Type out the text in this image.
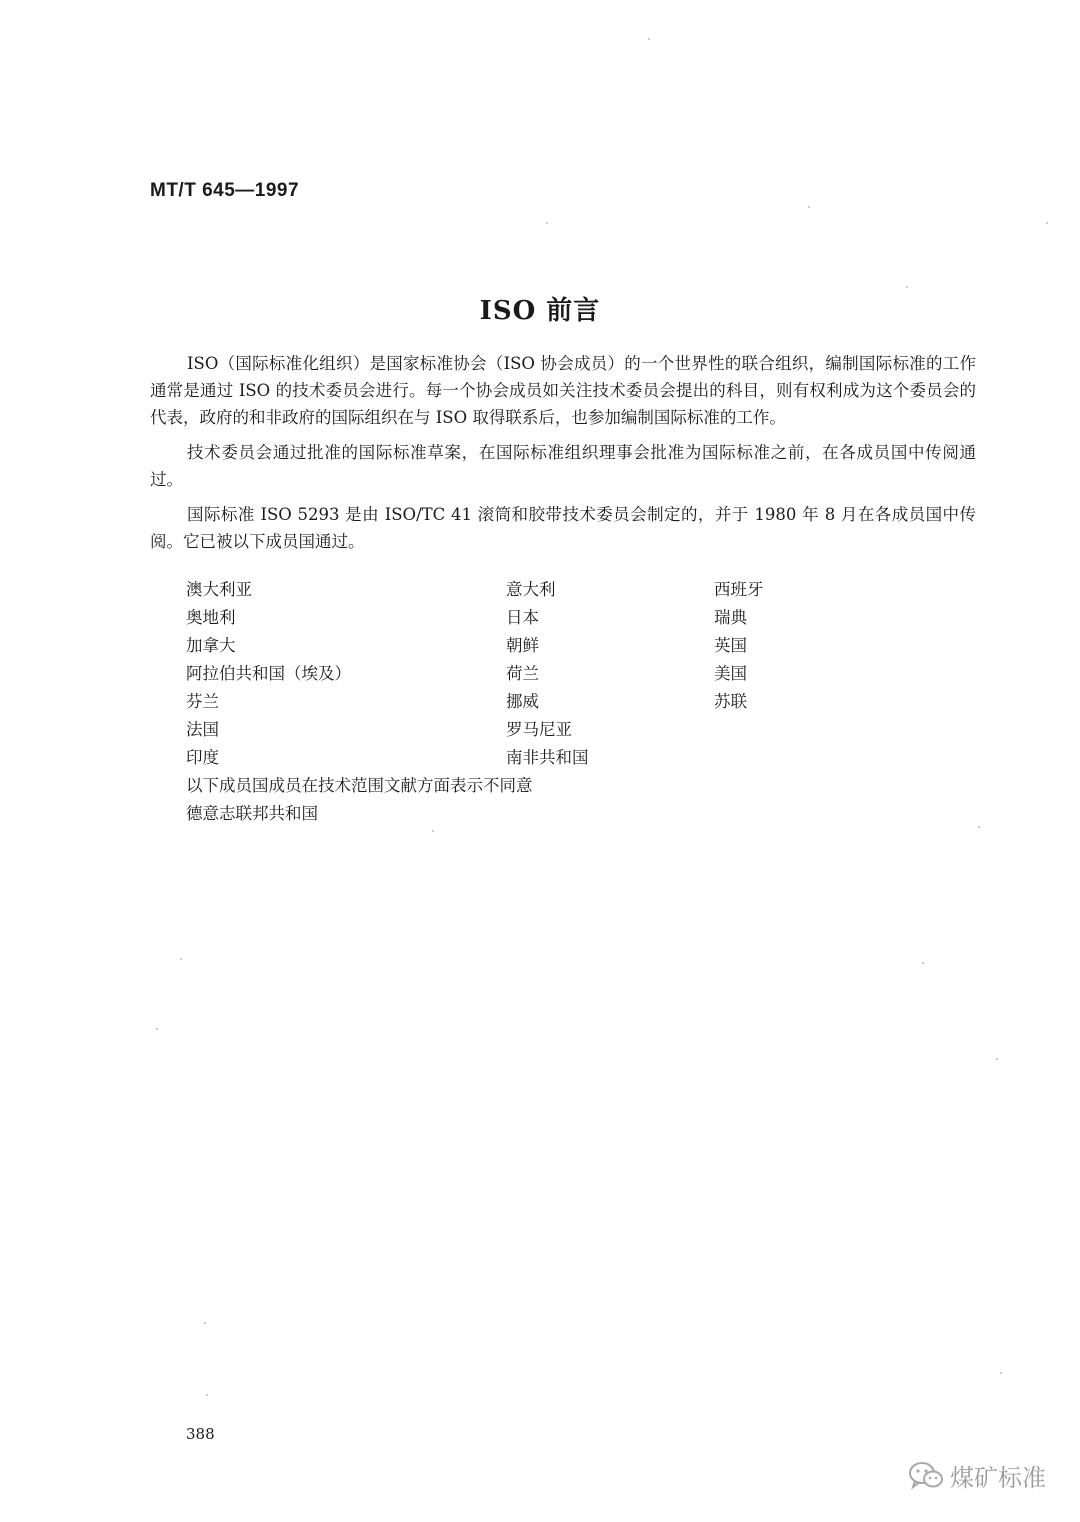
MT/T 645—1997
ISO 前言

ISO（国际标准化组织）是国家标准协会（ISO 协会成员）的一个世界性的联合组织，编制国际标准的工作通常是通过 ISO 的技术委员会进行。每一个协会成员如关注技术委员会提出的科目，则有权利成为这个委员会的代表，政府的和非政府的国际组织在与 ISO 取得联系后，也参加编制国际标准的工作。

技术委员会通过批准的国际标准草案，在国际标准组织理事会批准为国际标准之前，在各成员国中传阅通过。

国际标准 ISO 5293 是由 ISO/TC 41 滚筒和胶带技术委员会制定的，并于 1980 年 8 月在各成员国中传阅。它已被以下成员国通过。

澳大利亚	意大利	西班牙
奥地利	日本	瑞典
加拿大	朝鲜	英国
阿拉伯共和国（埃及）	荷兰	美国
芬兰	挪威	苏联
法国	罗马尼亚
印度	南非共和国
以下成员国成员在技术范围文献方面表示不同意
德意志联邦共和国
388
煤矿标准
